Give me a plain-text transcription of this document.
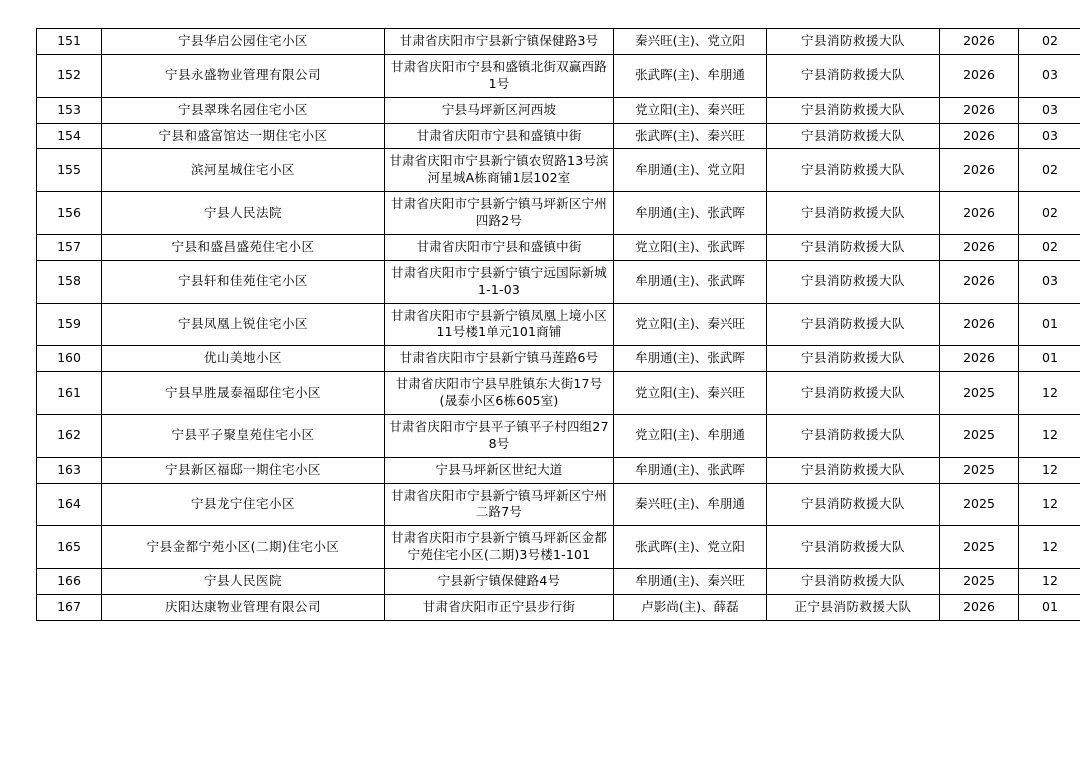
151	宁县华启公园住宅小区	甘肃省庆阳市宁县新宁镇保健路3号	秦兴旺(主)、党立阳	宁县消防救援大队	2026	02
152	宁县永盛物业管理有限公司	甘肃省庆阳市宁县和盛镇北街双赢西路1号	张武晖(主)、牟朋通	宁县消防救援大队	2026	03
153	宁县翠珠名园住宅小区	宁县马坪新区河西坡	党立阳(主)、秦兴旺	宁县消防救援大队	2026	03
154	宁县和盛富馆达一期住宅小区	甘肃省庆阳市宁县和盛镇中街	张武晖(主)、秦兴旺	宁县消防救援大队	2026	03
155	滨河星城住宅小区	甘肃省庆阳市宁县新宁镇农贸路13号滨河星城A栋商铺1层102室	牟朋通(主)、党立阳	宁县消防救援大队	2026	02
156	宁县人民法院	甘肃省庆阳市宁县新宁镇马坪新区宁州四路2号	牟朋通(主)、张武晖	宁县消防救援大队	2026	02
157	宁县和盛昌盛苑住宅小区	甘肃省庆阳市宁县和盛镇中街	党立阳(主)、张武晖	宁县消防救援大队	2026	02
158	宁县轩和佳苑住宅小区	甘肃省庆阳市宁县新宁镇宁远国际新城1-1-03	牟朋通(主)、张武晖	宁县消防救援大队	2026	03
159	宁县凤凰上锐住宅小区	甘肃省庆阳市宁县新宁镇凤凰上境小区11号楼1单元101商铺	党立阳(主)、秦兴旺	宁县消防救援大队	2026	01
160	优山美地小区	甘肃省庆阳市宁县新宁镇马莲路6号	牟朋通(主)、张武晖	宁县消防救援大队	2026	01
161	宁县早胜晟泰福邸住宅小区	甘肃省庆阳市宁县早胜镇东大街17号(晟泰小区6栋605室)	党立阳(主)、秦兴旺	宁县消防救援大队	2025	12
162	宁县平子聚皇苑住宅小区	甘肃省庆阳市宁县平子镇平子村四组278号	党立阳(主)、牟朋通	宁县消防救援大队	2025	12
163	宁县新区福邸一期住宅小区	宁县马坪新区世纪大道	牟朋通(主)、张武晖	宁县消防救援大队	2025	12
164	宁县龙宁住宅小区	甘肃省庆阳市宁县新宁镇马坪新区宁州二路7号	秦兴旺(主)、牟朋通	宁县消防救援大队	2025	12
165	宁县金都宁苑小区(二期)住宅小区	甘肃省庆阳市宁县新宁镇马坪新区金都宁苑住宅小区(二期)3号楼1-101	张武晖(主)、党立阳	宁县消防救援大队	2025	12
166	宁县人民医院	宁县新宁镇保健路4号	牟朋通(主)、秦兴旺	宁县消防救援大队	2025	12
167	庆阳达康物业管理有限公司	甘肃省庆阳市正宁县步行街	卢影尚(主)、薛磊	正宁县消防救援大队	2026	01
